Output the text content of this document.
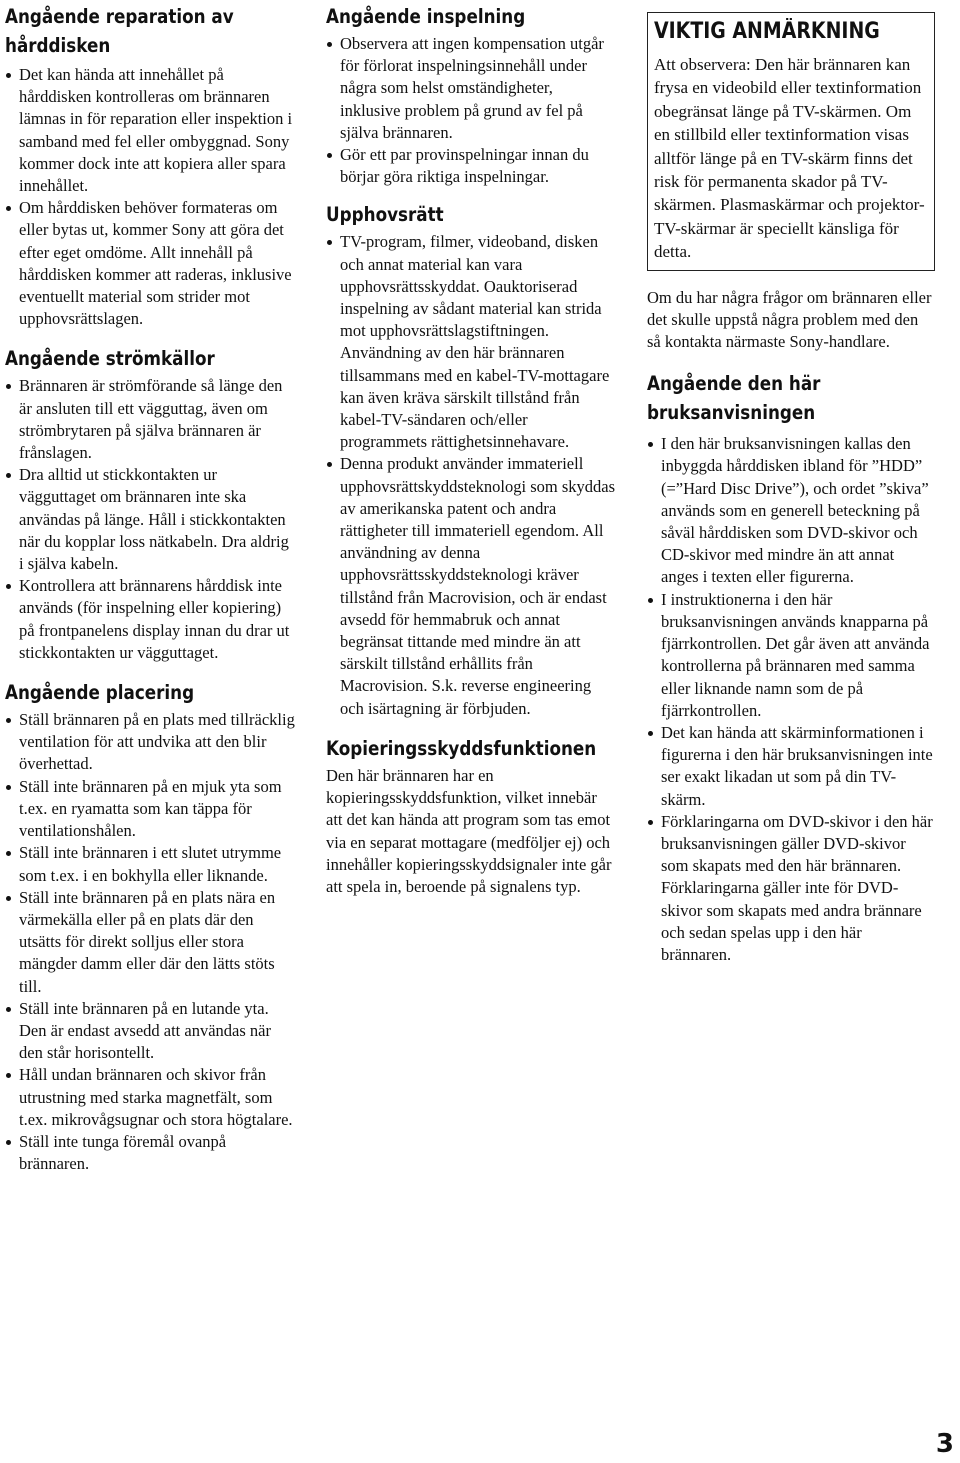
Angående reparation av hårddisken
Det kan hända att innehållet på hårddisken kontrolleras om brännaren lämnas in för reparation eller inspektion i samband med fel eller ombyggnad. Sony kommer dock inte att kopiera aller spara innehållet.
Om hårddisken behöver formateras om eller bytas ut, kommer Sony att göra det efter eget omdöme. Allt innehåll på hårddisken kommer att raderas, inklusive eventuellt material som strider mot upphovsrättslagen.
Angående strömkällor
Brännaren är strömförande så länge den är ansluten till ett vägguttag, även om strömbrytaren på själva brännaren är frånslagen.
Dra alltid ut stickkontakten ur vägguttaget om brännaren inte ska användas på länge. Håll i stickkontakten när du kopplar loss nätkabeln. Dra aldrig i själva kabeln.
Kontrollera att brännarens hårddisk inte används (för inspelning eller kopiering) på frontpanelens display innan du drar ut stickkontakten ur vägguttaget.
Angående placering
Ställ brännaren på en plats med tillräcklig ventilation för att undvika att den blir överhettad.
Ställ inte brännaren på en mjuk yta som t.ex. en ryamatta som kan täppa för ventilationshålen.
Ställ inte brännaren i ett slutet utrymme som t.ex. i en bokhylla eller liknande.
Ställ inte brännaren på en plats nära en värmekälla eller på en plats där den utsätts för direkt solljus eller stora mängder damm eller där den lätts stöts till.
Ställ inte brännaren på en lutande yta. Den är endast avsedd att användas när den står horisontellt.
Håll undan brännaren och skivor från utrustning med starka magnetfält, som t.ex. mikrovågsugnar och stora högtalare.
Ställ inte tunga föremål ovanpå brännaren.
Angående inspelning
Observera att ingen kompensation utgår för förlorat inspelningsinnehåll under några som helst omständigheter, inklusive problem på grund av fel på själva brännaren.
Gör ett par provinspelningar innan du börjar göra riktiga inspelningar.
Upphovsrätt
TV-program, filmer, videoband, disken och annat material kan vara upphovsrättsskyddat. Oauktoriserad inspelning av sådant material kan strida mot upphovsrättslagstiftningen. Användning av den här brännaren tillsammans med en kabel-TV-mottagare kan även kräva särskilt tillstånd från kabel-TV-sändaren och/eller programmets rättighetsinnehavare.
Denna produkt använder immateriell upphovsrättskyddsteknologi som skyddas av amerikanska patent och andra rättigheter till immateriell egendom. All användning av denna upphovsrättsskyddsteknologi kräver tillstånd från Macrovision, och är endast avsedd för hemmabruk och annat begränsat tittande med mindre än att särskilt tillstånd erhållits från Macrovision. S.k. reverse engineering och isärtagning är förbjuden.
Kopieringsskyddsfunktionen

Den här brännaren har en kopieringsskyddsfunktion, vilket innebär att det kan hända att program som tas emot via en separat mottagare (medföljer ej) och innehåller kopieringsskyddsignaler inte går att spela in, beroende på signalens typ.

VIKTIG ANMÄRKNING

Att observera: Den här brännaren kan frysa en videobild eller textinformation obegränsat länge på TV-skärmen. Om en stillbild eller textinformation visas alltför länge på en TV-skärm finns det risk för permanenta skador på TV-skärmen. Plasmaskärmar och projektor-TV-skärmar är speciellt känsliga för detta.

Om du har några frågor om brännaren eller det skulle uppstå några problem med den så kontakta närmaste Sony-handlare.

Angående den här bruksanvisningen
I den här bruksanvisningen kallas den inbyggda hårddisken ibland för ”HDD” (=”Hard Disc Drive”), och ordet ”skiva” används som en generell beteckning på såväl hårddisken som DVD-skivor och CD-skivor med mindre än att annat anges i texten eller figurerna.
I instruktionerna i den här bruksanvisningen används knapparna på fjärrkontrollen. Det går även att använda kontrollerna på brännaren med samma eller liknande namn som de på fjärrkontrollen.
Det kan hända att skärminformationen i figurerna i den här bruksanvisningen inte ser exakt likadan ut som på din TV-skärm.
Förklaringarna om DVD-skivor i den här bruksanvisningen gäller DVD-skivor som skapats med den här brännaren. Förklaringarna gäller inte för DVD-skivor som skapats med andra brännare och sedan spelas upp i den här brännaren.
3
